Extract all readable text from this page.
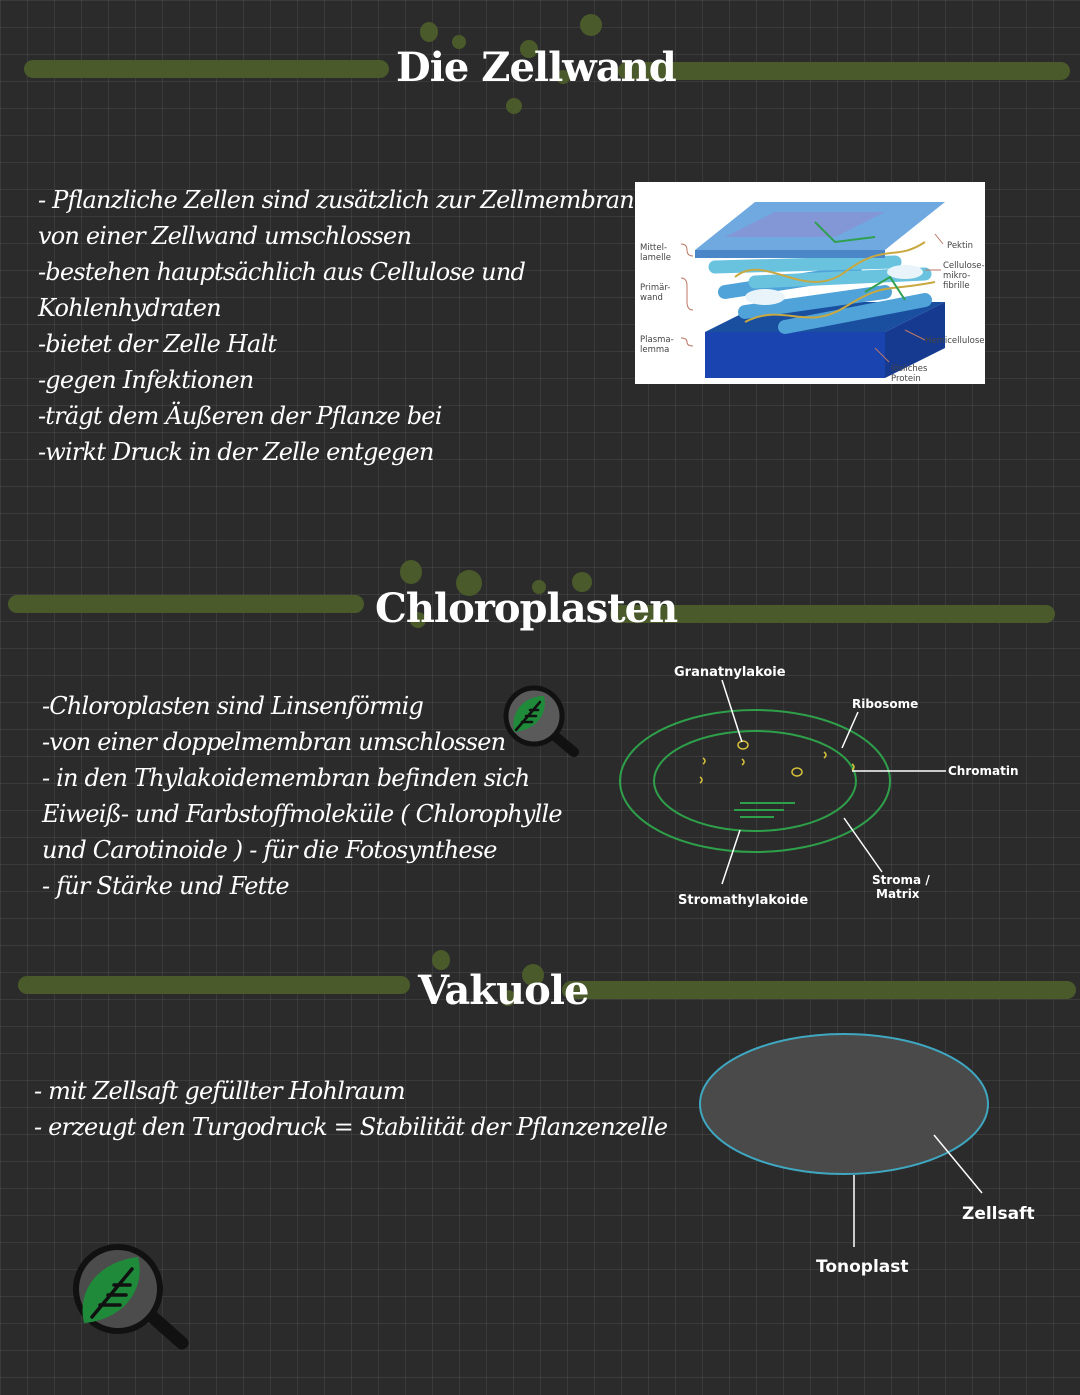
Die Zellwand
- Pflanzliche Zellen sind zusätzlich zur Zellmembran
von einer Zellwand umschlossen
-bestehen hauptsächlich aus Cellulose und
Kohlenhydraten
-bietet der Zelle Halt
-gegen Infektionen
-trägt dem Äußeren der Pflanze bei
-wirkt Druck in der Zelle entgegen
Mittel-
lamelle
Primär-
wand
Plasma-
lemma
Pektin
Cellulose-
mikro-
fibrille
Hemicellulose
lösliches
Protein
Chloroplasten
-Chloroplasten sind Linsenförmig
-von einer doppelmembran umschlossen
- in den Thylakoidemembran befinden sich
Eiweiß- und Farbstoffmoleküle ( Chlorophylle
und Carotinoide ) - für die Fotosynthese
- für Stärke und Fette
Granatnylakoie
Ribosome
Chromatin
Stroma /
Matrix
Stromathylakoide
Vakuole
- mit Zellsaft gefüllter Hohlraum
- erzeugt den Turgodruck = Stabilität der Pflanzenzelle
Zellsaft
Tonoplast
